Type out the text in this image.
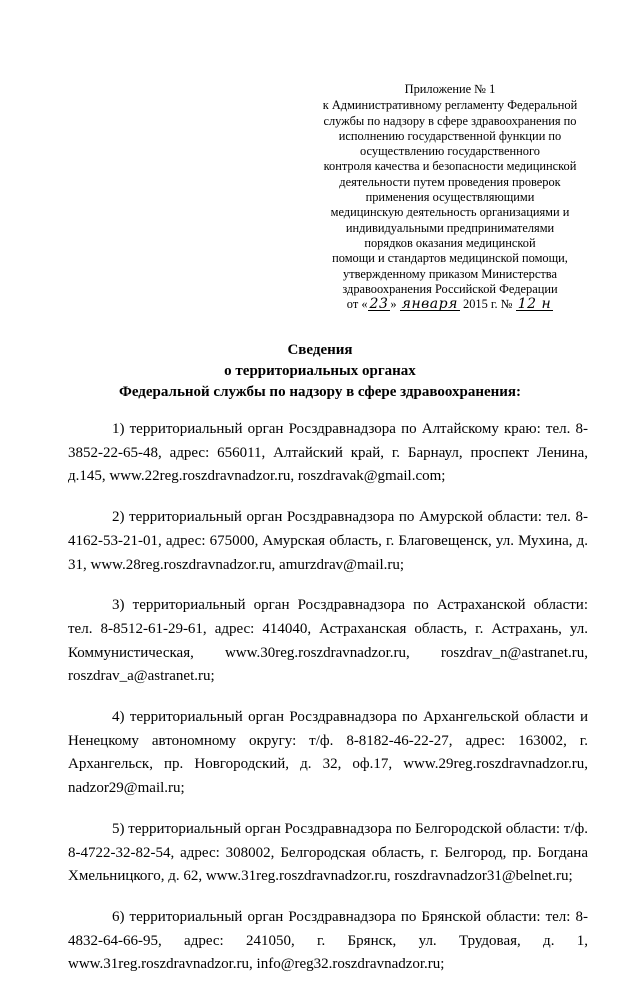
Приложение № 1
к Административному регламенту Федеральной
службы по надзору в сфере здравоохранения по
исполнению государственной функции по
осуществлению государственного
контроля качества и безопасности медицинской
деятельности путем проведения проверок
применения осуществляющими
медицинскую деятельность организациями и
индивидуальными предпринимателями
порядков оказания медицинской
помощи и стандартов медицинской помощи,
утвержденному приказом Министерства
здравоохранения Российской Федерации
от « 23 » января 2015 г. № 12 н
Сведения
о территориальных органах
Федеральной службы по надзору в сфере здравоохранения:

1) территориальный орган Росздравнадзора по Алтайскому краю: тел. 8-3852-22-65-48, адрес: 656011, Алтайский край, г. Барнаул, проспект Ленина, д.145, www.22reg.roszdravnadzor.ru, roszdravak@gmail.com;

2) территориальный орган Росздравнадзора по Амурской области: тел. 8-4162-53-21-01, адрес: 675000, Амурская область, г. Благовещенск, ул. Мухина, д. 31, www.28reg.roszdravnadzor.ru, amurzdrav@mail.ru;

3) территориальный орган Росздравнадзора по Астраханской области: тел. 8-8512-61-29-61, адрес: 414040, Астраханская область, г. Астрахань, ул. Коммунистическая, www.30reg.roszdravnadzor.ru, roszdrav_n@astranet.ru, roszdrav_a@astranet.ru;

4) территориальный орган Росздравнадзора по Архангельской области и Ненецкому автономному округу: т/ф. 8-8182-46-22-27, адрес: 163002, г. Архангельск, пр. Новгородский, д. 32, оф.17, www.29reg.roszdravnadzor.ru, nadzor29@mail.ru;

5) территориальный орган Росздравнадзора по Белгородской области: т/ф. 8-4722-32-82-54, адрес: 308002, Белгородская область, г. Белгород, пр. Богдана Хмельницкого, д. 62, www.31reg.roszdravnadzor.ru, roszdravnadzor31@belnet.ru;

6) территориальный орган Росздравнадзора по Брянской области: тел: 8-4832-64-66-95, адрес: 241050, г. Брянск, ул. Трудовая, д. 1, www.31reg.roszdravnadzor.ru, info@reg32.roszdravnadzor.ru;
